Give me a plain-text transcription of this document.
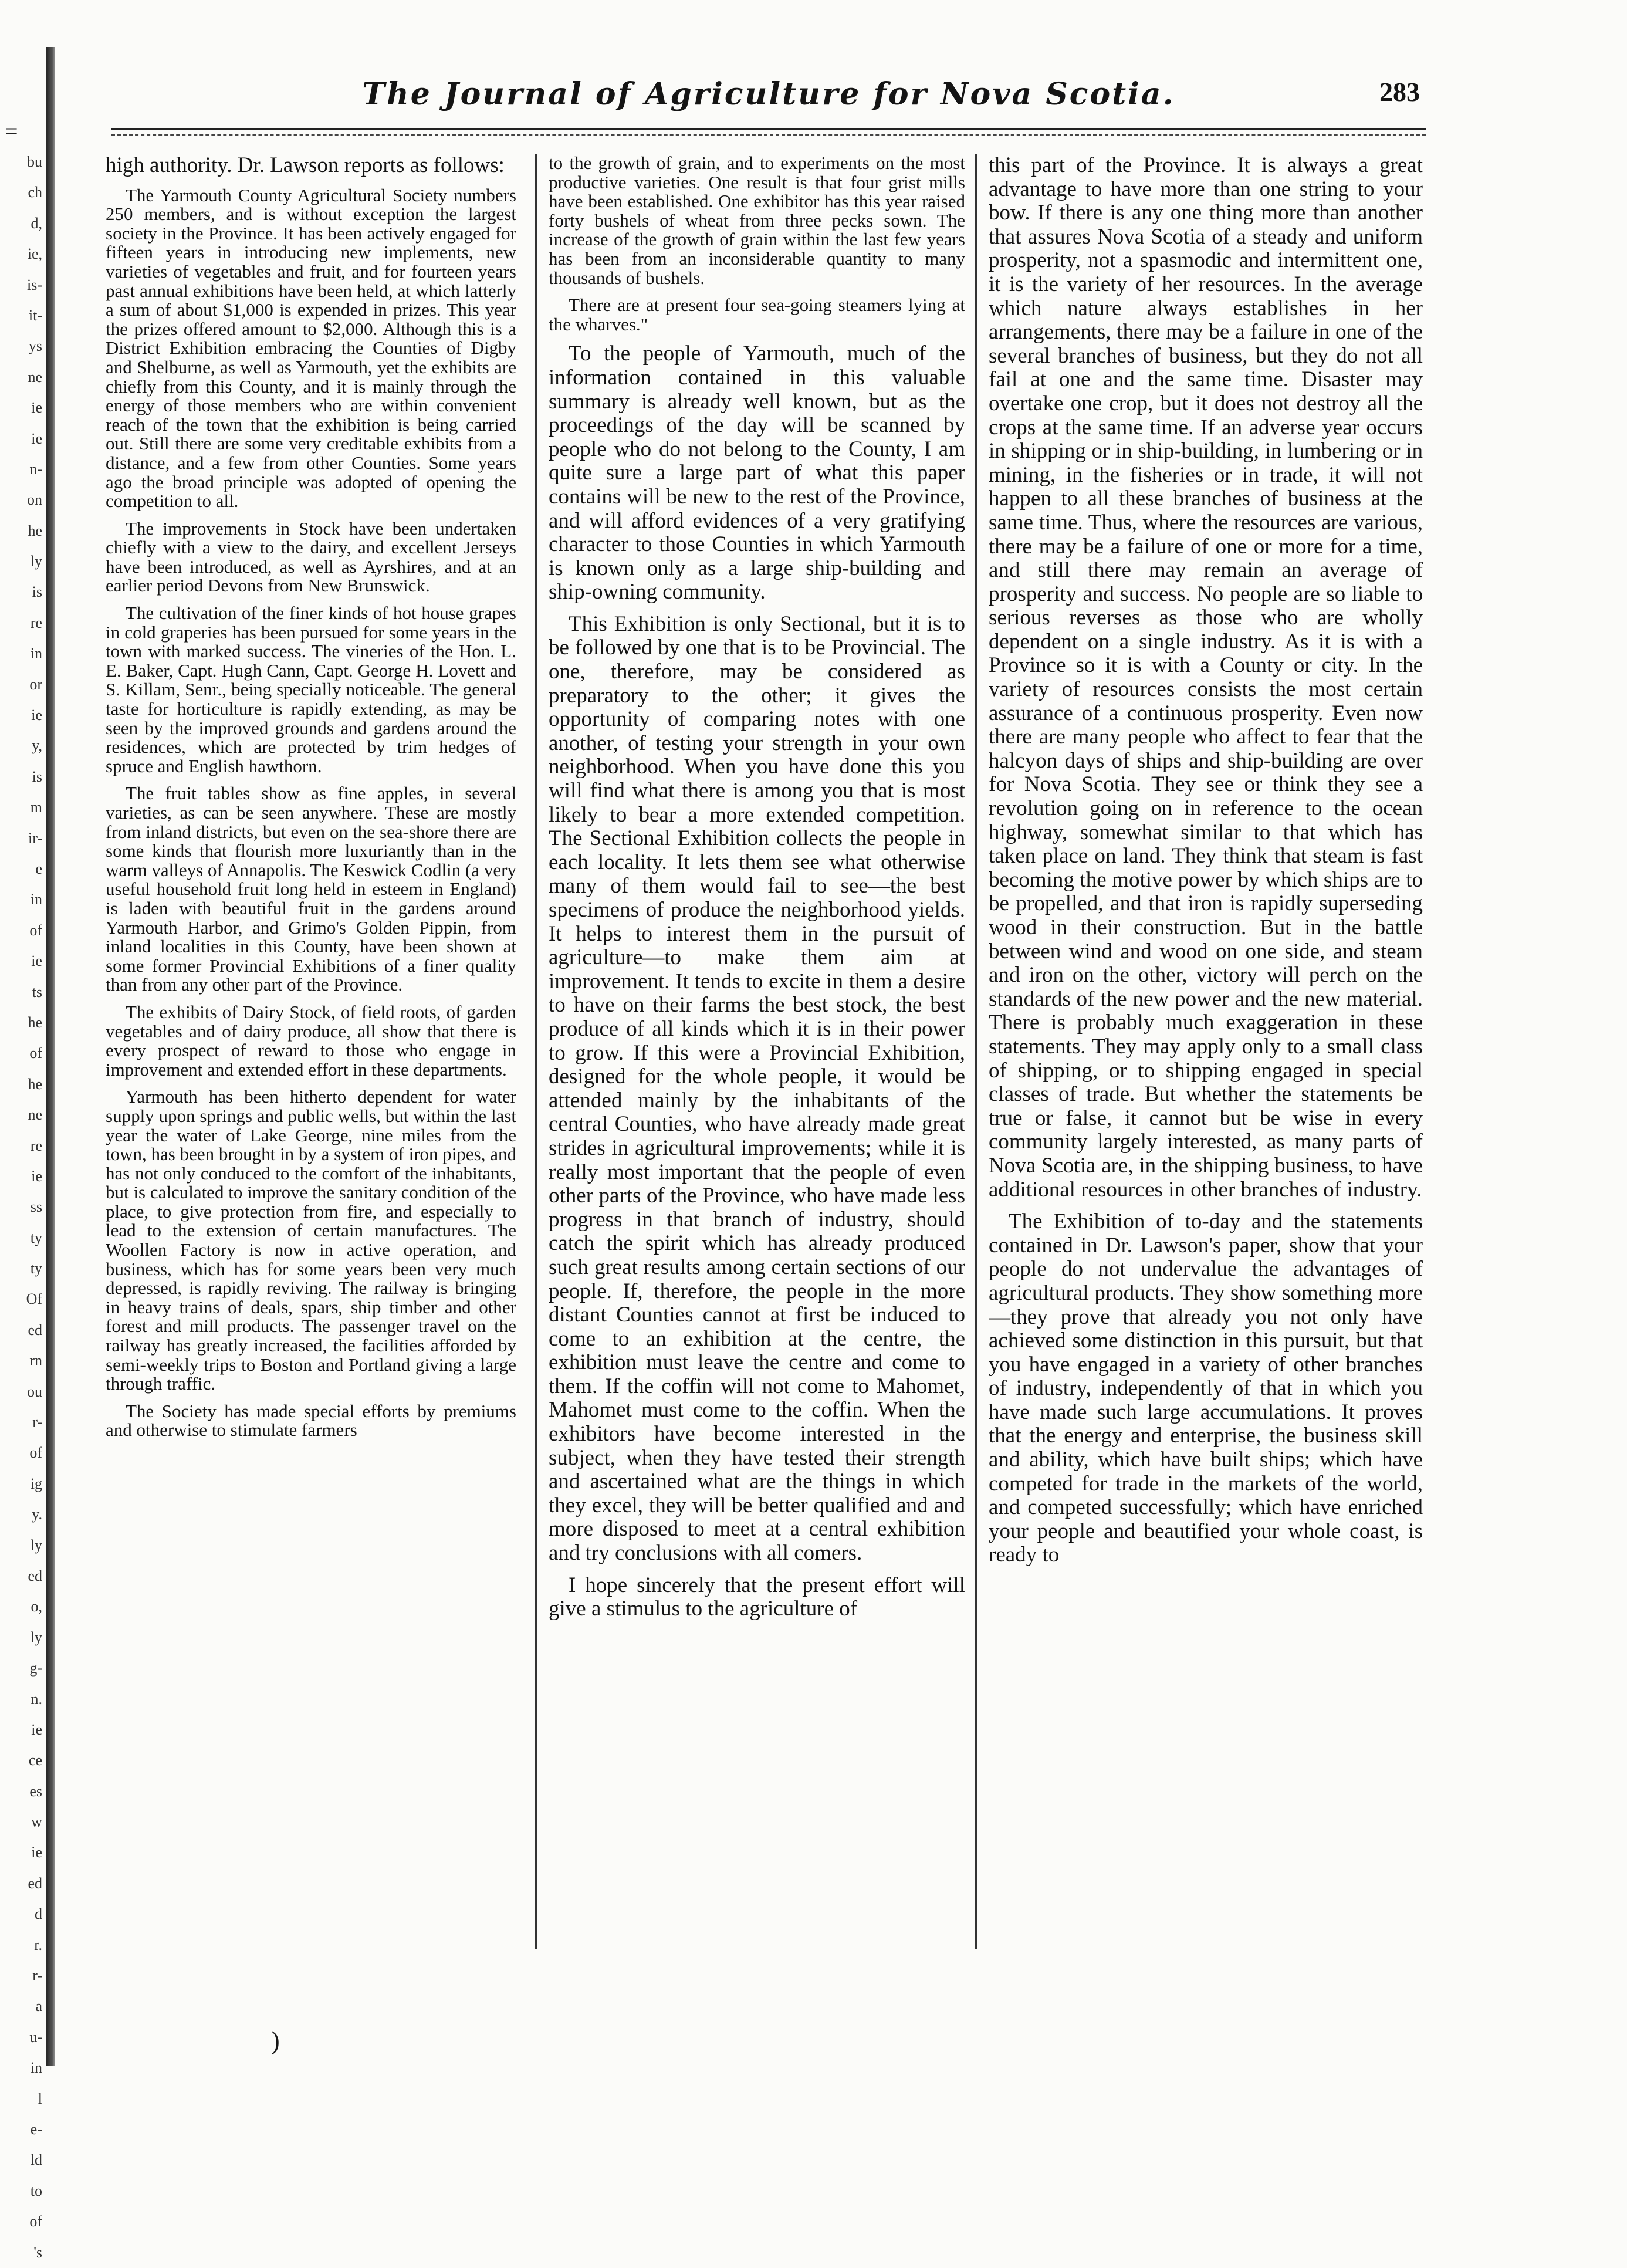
=
bu
ch
d,
ie,
is-
it-
ys
ne
ie
ie
n-
on
he
ly
is
re
in
or
ie
y,
is
m
ir-
e
in
of
ie
ts
he
of
he
ne
re
ie
ss
ty
ty
Of
ed
rn
ou
r-
of
ig
y.
ly
ed
o,
ly
g-
n.
ie
ce
es
w
ie
ed
d
r.
r-
a
u-
in
l
e-
ld
to
of
's
The Journal of Agriculture for Nova Scotia.	283

high authority. Dr. Lawson reports as follows:

The Yarmouth County Agricultural Society numbers 250 members, and is without exception the largest society in the Province. It has been actively engaged for fifteen years in introducing new implements, new varieties of vegetables and fruit, and for fourteen years past annual exhibitions have been held, at which latterly a sum of about $1,000 is expended in prizes. This year the prizes offered amount to $2,000. Although this is a District Exhibition embracing the Counties of Digby and Shelburne, as well as Yarmouth, yet the exhibits are chiefly from this County, and it is mainly through the energy of those members who are within convenient reach of the town that the exhibition is being carried out. Still there are some very creditable exhibits from a distance, and a few from other Counties. Some years ago the broad principle was adopted of opening the competition to all.

The improvements in Stock have been undertaken chiefly with a view to the dairy, and excellent Jerseys have been introduced, as well as Ayrshires, and at an earlier period Devons from New Brunswick.

The cultivation of the finer kinds of hot house grapes in cold graperies has been pursued for some years in the town with marked success. The vineries of the Hon. L. E. Baker, Capt. Hugh Cann, Capt. George H. Lovett and S. Killam, Senr., being specially noticeable. The general taste for horticulture is rapidly extending, as may be seen by the improved grounds and gardens around the residences, which are protected by trim hedges of spruce and English hawthorn.

The fruit tables show as fine apples, in several varieties, as can be seen anywhere. These are mostly from inland districts, but even on the sea-shore there are some kinds that flourish more luxuriantly than in the warm valleys of Annapolis. The Keswick Codlin (a very useful household fruit long held in esteem in England) is laden with beautiful fruit in the gardens around Yarmouth Harbor, and Grimo's Golden Pippin, from inland localities in this County, have been shown at some former Provincial Exhibitions of a finer quality than from any other part of the Province.

The exhibits of Dairy Stock, of field roots, of garden vegetables and of dairy produce, all show that there is every prospect of reward to those who engage in improvement and extended effort in these departments.

Yarmouth has been hitherto dependent for water supply upon springs and public wells, but within the last year the water of Lake George, nine miles from the town, has been brought in by a system of iron pipes, and has not only conduced to the comfort of the inhabitants, but is calculated to improve the sanitary condition of the place, to give protection from fire, and especially to lead to the extension of certain manufactures. The Woollen Factory is now in active operation, and business, which has for some years been very much depressed, is rapidly reviving. The railway is bringing in heavy trains of deals, spars, ship timber and other forest and mill products. The passenger travel on the railway has greatly increased, the facilities afforded by semi-weekly trips to Boston and Portland giving a large through traffic.

The Society has made special efforts by premiums and otherwise to stimulate farmers

to the growth of grain, and to experiments on the most productive varieties. One result is that four grist mills have been established. One exhibitor has this year raised forty bushels of wheat from three pecks sown. The increase of the growth of grain within the last few years has been from an inconsiderable quantity to many thousands of bushels.

There are at present four sea-going steamers lying at the wharves."

To the people of Yarmouth, much of the information contained in this valuable summary is already well known, but as the proceedings of the day will be scanned by people who do not belong to the County, I am quite sure a large part of what this paper contains will be new to the rest of the Province, and will afford evidences of a very gratifying character to those Counties in which Yarmouth is known only as a large ship-building and ship-owning community.

This Exhibition is only Sectional, but it is to be followed by one that is to be Provincial. The one, therefore, may be considered as preparatory to the other; it gives the opportunity of comparing notes with one another, of testing your strength in your own neighborhood. When you have done this you will find what there is among you that is most likely to bear a more extended competition. The Sectional Exhibition collects the people in each locality. It lets them see what otherwise many of them would fail to see—the best specimens of produce the neighborhood yields. It helps to interest them in the pursuit of agriculture—to make them aim at improvement. It tends to excite in them a desire to have on their farms the best stock, the best produce of all kinds which it is in their power to grow. If this were a Provincial Exhibition, designed for the whole people, it would be attended mainly by the inhabitants of the central Counties, who have already made great strides in agricultural improvements; while it is really most important that the people of even other parts of the Province, who have made less progress in that branch of industry, should catch the spirit which has already produced such great results among certain sections of our people. If, therefore, the people in the more distant Counties cannot at first be induced to come to an exhibition at the centre, the exhibition must leave the centre and come to them. If the coffin will not come to Mahomet, Mahomet must come to the coffin. When the exhibitors have become interested in the subject, when they have tested their strength and ascertained what are the things in which they excel, they will be better qualified and and more disposed to meet at a central exhibition and try conclusions with all comers.

I hope sincerely that the present effort will give a stimulus to the agriculture of

this part of the Province. It is always a great advantage to have more than one string to your bow. If there is any one thing more than another that assures Nova Scotia of a steady and uniform prosperity, not a spasmodic and intermittent one, it is the variety of her resources. In the average which nature always establishes in her arrangements, there may be a failure in one of the several branches of business, but they do not all fail at one and the same time. Disaster may overtake one crop, but it does not destroy all the crops at the same time. If an adverse year occurs in shipping or in ship-building, in lumbering or in mining, in the fisheries or in trade, it will not happen to all these branches of business at the same time. Thus, where the resources are various, there may be a failure of one or more for a time, and still there may remain an average of prosperity and success. No people are so liable to serious reverses as those who are wholly dependent on a single industry. As it is with a Province so it is with a County or city. In the variety of resources consists the most certain assurance of a continuous prosperity. Even now there are many people who affect to fear that the halcyon days of ships and ship-building are over for Nova Scotia. They see or think they see a revolution going on in reference to the ocean highway, somewhat similar to that which has taken place on land. They think that steam is fast becoming the motive power by which ships are to be propelled, and that iron is rapidly superseding wood in their construction. But in the battle between wind and wood on one side, and steam and iron on the other, victory will perch on the standards of the new power and the new material. There is probably much exaggeration in these statements. They may apply only to a small class of shipping, or to shipping engaged in special classes of trade. But whether the statements be true or false, it cannot but be wise in every community largely interested, as many parts of Nova Scotia are, in the shipping business, to have additional resources in other branches of industry.

The Exhibition of to-day and the statements contained in Dr. Lawson's paper, show that your people do not undervalue the advantages of agricultural products. They show something more—they prove that already you not only have achieved some distinction in this pursuit, but that you have engaged in a variety of other branches of industry, independently of that in which you have made such large accumulations. It proves that the energy and enterprise, the business skill and ability, which have built ships; which have competed for trade in the markets of the world, and competed successfully; which have enriched your people and beautified your whole coast, is ready to

)
